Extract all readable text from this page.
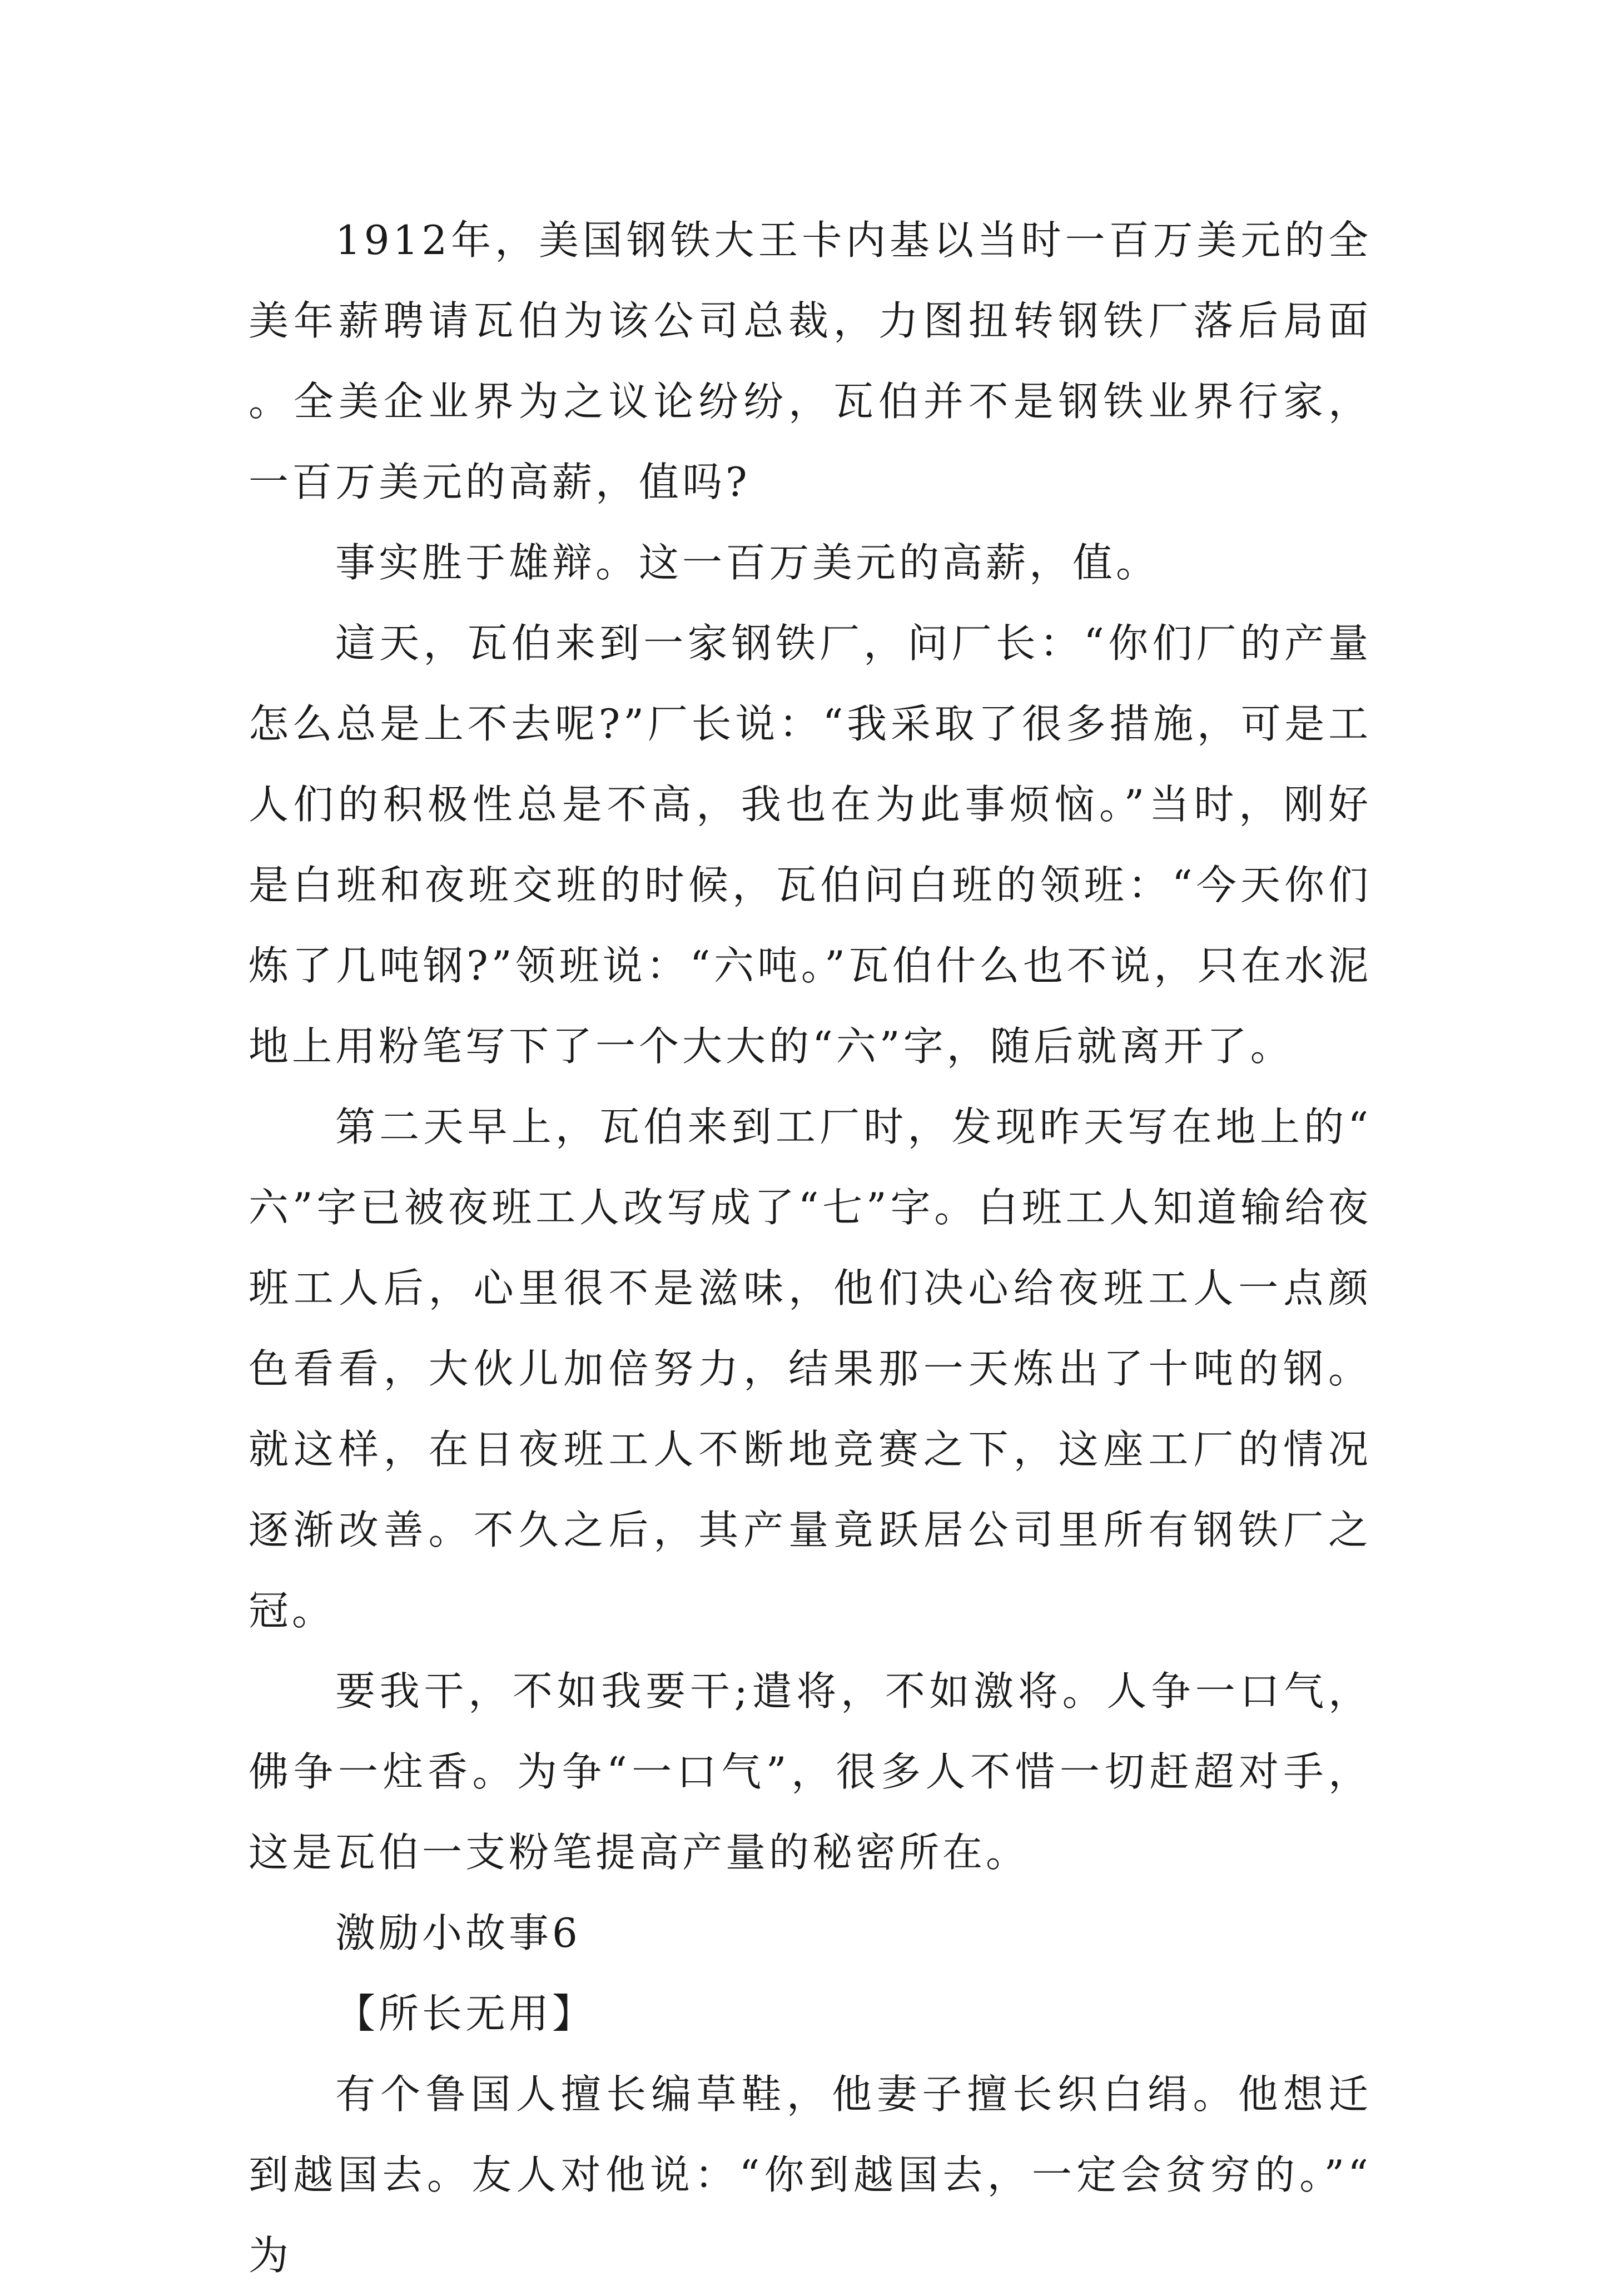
1912年，美国钢铁大王卡内基以当时一百万美元的全美年薪聘请瓦伯为该公司总裁，力图扭转钢铁厂落后局面。全美企业界为之议论纷纷，瓦伯并不是钢铁业界行家，一百万美元的高薪，值吗?

事实胜于雄辩。这一百万美元的高薪，值。

這天，瓦伯来到一家钢铁厂，问厂长：“你们厂的产量怎么总是上不去呢?”厂长说：“我采取了很多措施，可是工人们的积极性总是不高，我也在为此事烦恼。”当时，刚好是白班和夜班交班的时候，瓦伯问白班的领班：“今天你们炼了几吨钢?”领班说：“六吨。”瓦伯什么也不说，只在水泥地上用粉笔写下了一个大大的“六”字，随后就离开了。

第二天早上，瓦伯来到工厂时，发现昨天写在地上的“六”字已被夜班工人改写成了“七”字。白班工人知道输给夜班工人后，心里很不是滋味，他们决心给夜班工人一点颜色看看，大伙儿加倍努力，结果那一天炼出了十吨的钢。就这样，在日夜班工人不断地竞赛之下，这座工厂的情况逐渐改善。不久之后，其产量竟跃居公司里所有钢铁厂之冠。

要我干，不如我要干;遣将，不如激将。人争一口气，佛争一炷香。为争“一口气”，很多人不惜一切赶超对手，这是瓦伯一支粉笔提高产量的秘密所在。

激励小故事6

【所长无用】

有个鲁国人擅长编草鞋，他妻子擅长织白绢。他想迁到越国去。友人对他说：“你到越国去，一定会贫穷的。”“为
